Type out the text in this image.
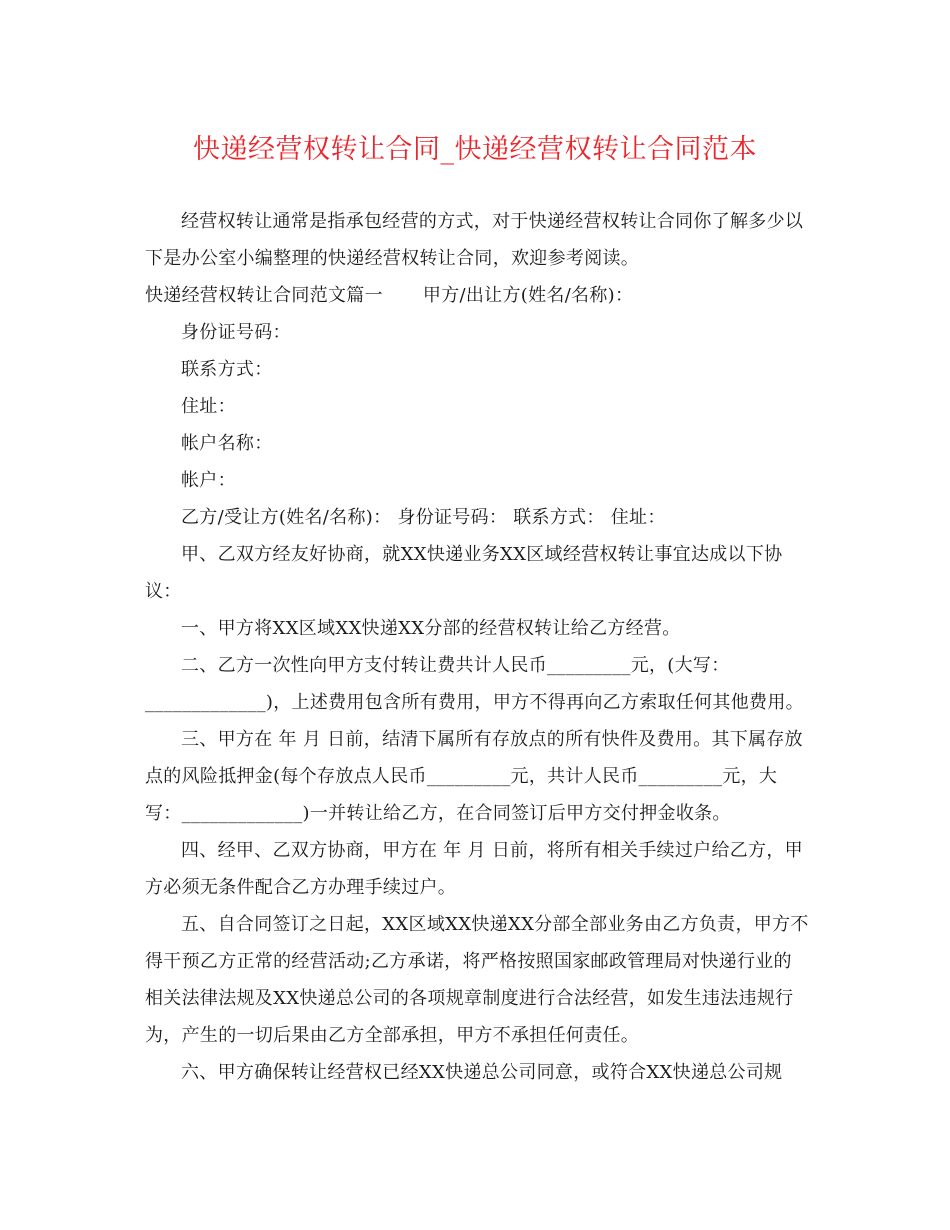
快递经营权转让合同_快递经营权转让合同范本

经营权转让通常是指承包经营的方式，对于快递经营权转让合同你了解多少以下是办公室小编整理的快递经营权转让合同，欢迎参考阅读。

快递经营权转让合同范文篇一 甲方/出让方(姓名/名称)：

身份证号码：

联系方式：

住址：

帐户名称：

帐户：

乙方/受让方(姓名/名称)： 身份证号码： 联系方式： 住址：

甲、乙双方经友好协商，就XX快递业务XX区域经营权转让事宜达成以下协议：

一、甲方将XX区域XX快递XX分部的经营权转让给乙方经营。

二、乙方一次性向甲方支付转让费共计人民币_________元，(大写：_____________)，上述费用包含所有费用，甲方不得再向乙方索取任何其他费用。

三、甲方在 年 月 日前，结清下属所有存放点的所有快件及费用。其下属存放点的风险抵押金(每个存放点人民币_________元，共计人民币_________元，大写：_____________)一并转让给乙方，在合同签订后甲方交付押金收条。

四、经甲、乙双方协商，甲方在 年 月 日前，将所有相关手续过户给乙方，甲方必须无条件配合乙方办理手续过户。

五、自合同签订之日起，XX区域XX快递XX分部全部业务由乙方负责，甲方不得干预乙方正常的经营活动;乙方承诺，将严格按照国家邮政管理局对快递行业的相关法律法规及XX快递总公司的各项规章制度进行合法经营，如发生违法违规行为，产生的一切后果由乙方全部承担，甲方不承担任何责任。

六、甲方确保转让经营权已经XX快递总公司同意，或符合XX快递总公司规
